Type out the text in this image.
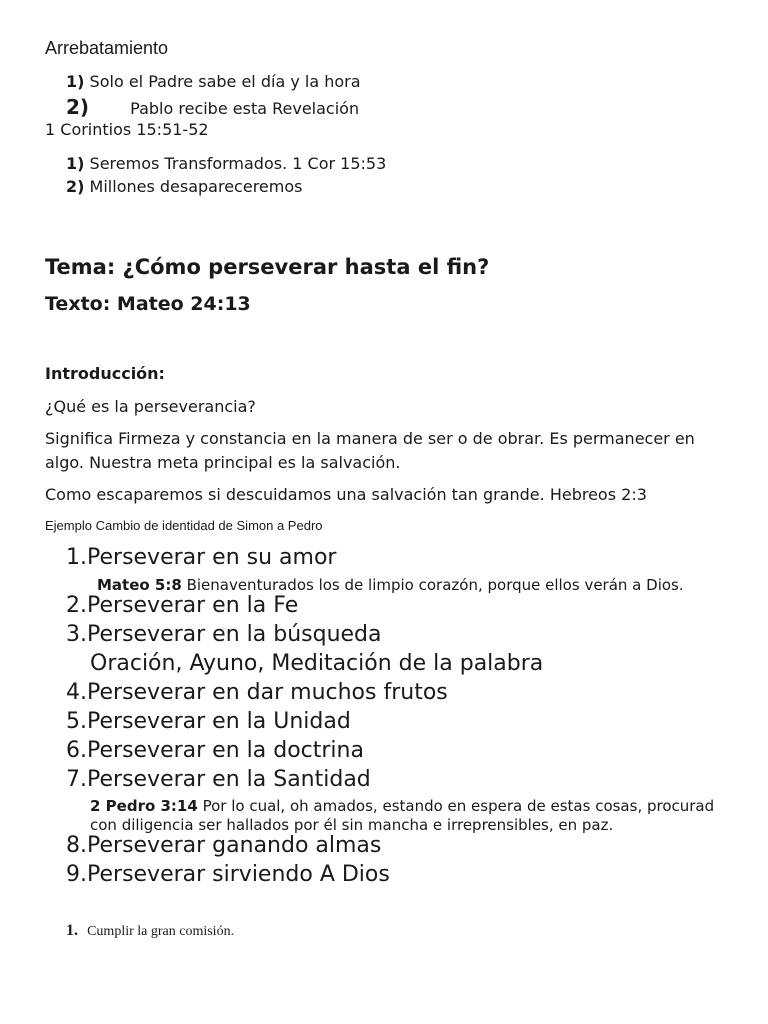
Arrebatamiento
1) Solo el Padre sabe el día y la hora
2)	Pablo recibe esta Revelación
1 Corintios 15:51-52
1) Seremos Transformados. 1 Cor 15:53
2) Millones desapareceremos
Tema: ¿Cómo perseverar hasta el fin?
Texto: Mateo 24:13
Introducción:
¿Qué es la perseverancia?
Significa Firmeza y constancia en la manera de ser o de obrar. Es permanecer en algo. Nuestra meta principal es la salvación.
Como escaparemos si descuidamos una salvación tan grande. Hebreos 2:3
Ejemplo Cambio de identidad de Simon a Pedro
1.Perseverar en su amor
Mateo 5:8 Bienaventurados los de limpio corazón, porque ellos verán a Dios.
2.Perseverar en la Fe
3.Perseverar en la búsqueda
Oración, Ayuno, Meditación de la palabra
4.Perseverar en dar muchos frutos
5.Perseverar en la Unidad
6.Perseverar en la doctrina
7.Perseverar en la Santidad
2 Pedro 3:14 Por lo cual, oh amados, estando en espera de estas cosas, procurad con diligencia ser hallados por él sin mancha e irreprensibles, en paz.
8.Perseverar ganando almas
9.Perseverar sirviendo A Dios
1. Cumplir la gran comisión.
